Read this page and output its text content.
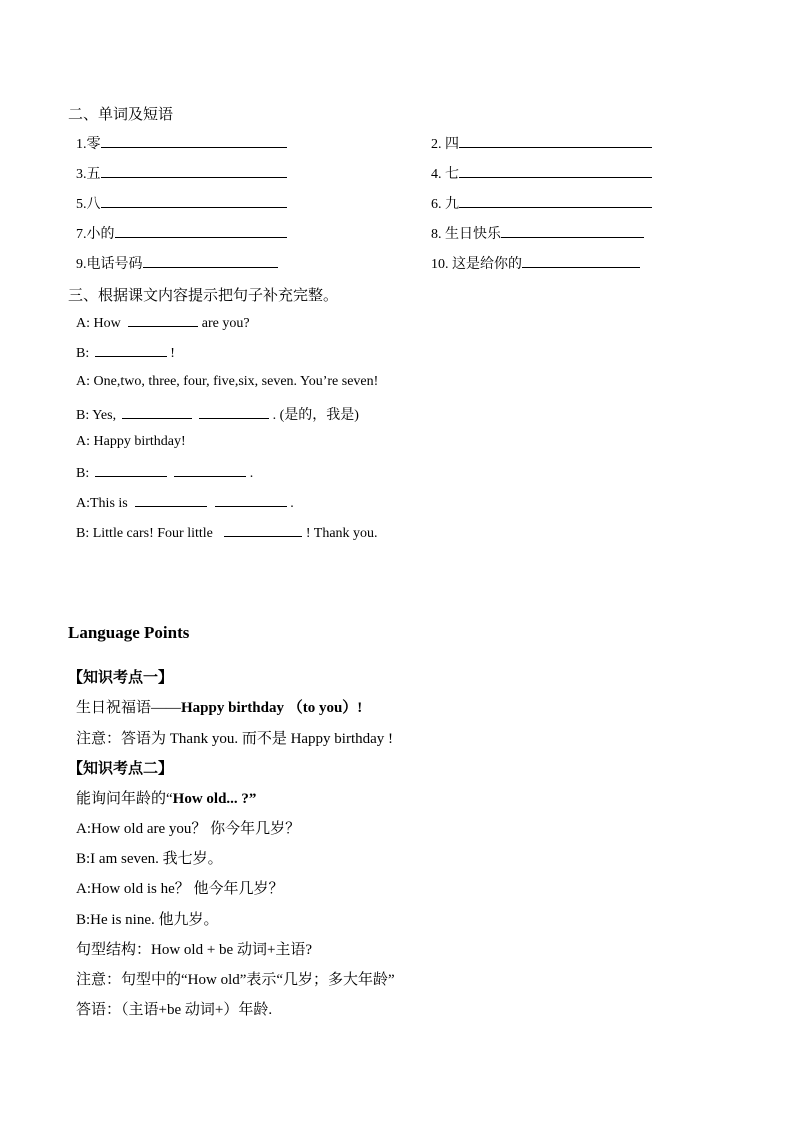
二、单词及短语
1.零	2. 四
3.五	4. 七
5.八	6. 九
7.小的	8. 生日快乐
9.电话号码	10. 这是给你的
三、根据课文内容提示把句子补充完整。
A: How	are you?
B:	!
A: One,two, three, four, five,six, seven. You’re seven!
B: Yes,	. (是的，我是)
A: Happy birthday!
B:	.
A:This is	.
B: Little cars! Four little	! Thank you.
Language Points
【知识考点一】
生日祝福语——Happy birthday （to you）!
注意：答语为 Thank you. 而不是 Happy birthday !
【知识考点二】
能询问年龄的“How old... ?”
A:How old are you？ 你今年几岁？
B:I am seven. 我七岁。
A:How old is he？ 他今年几岁？
B:He is nine. 他九岁。
句型结构：How old + be 动词+主语?
注意：句型中的“How old”表示“几岁；多大年龄”
答语：（主语+be 动词+）年龄.
